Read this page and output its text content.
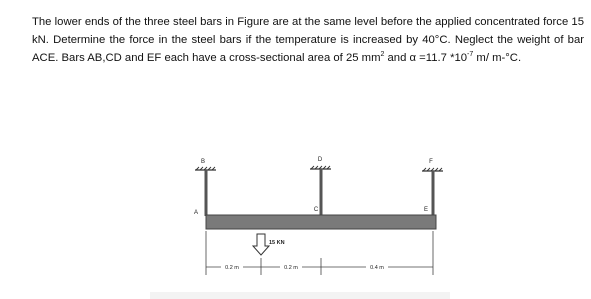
The lower ends of the three steel bars in Figure are at the same level before the applied concentrated force 15 kN. Determine the force in the steel bars if the temperature is increased by 40°C. Neglect the weight of bar ACE. Bars AB,CD and EF each have a cross-sectional area of 25 $mm^2$ and α =11.7 $*10^{-7}$ m/ m-°C.
B	D	F
A	C	E
15 KN
0.2 m	0.2 m	0.4 m
